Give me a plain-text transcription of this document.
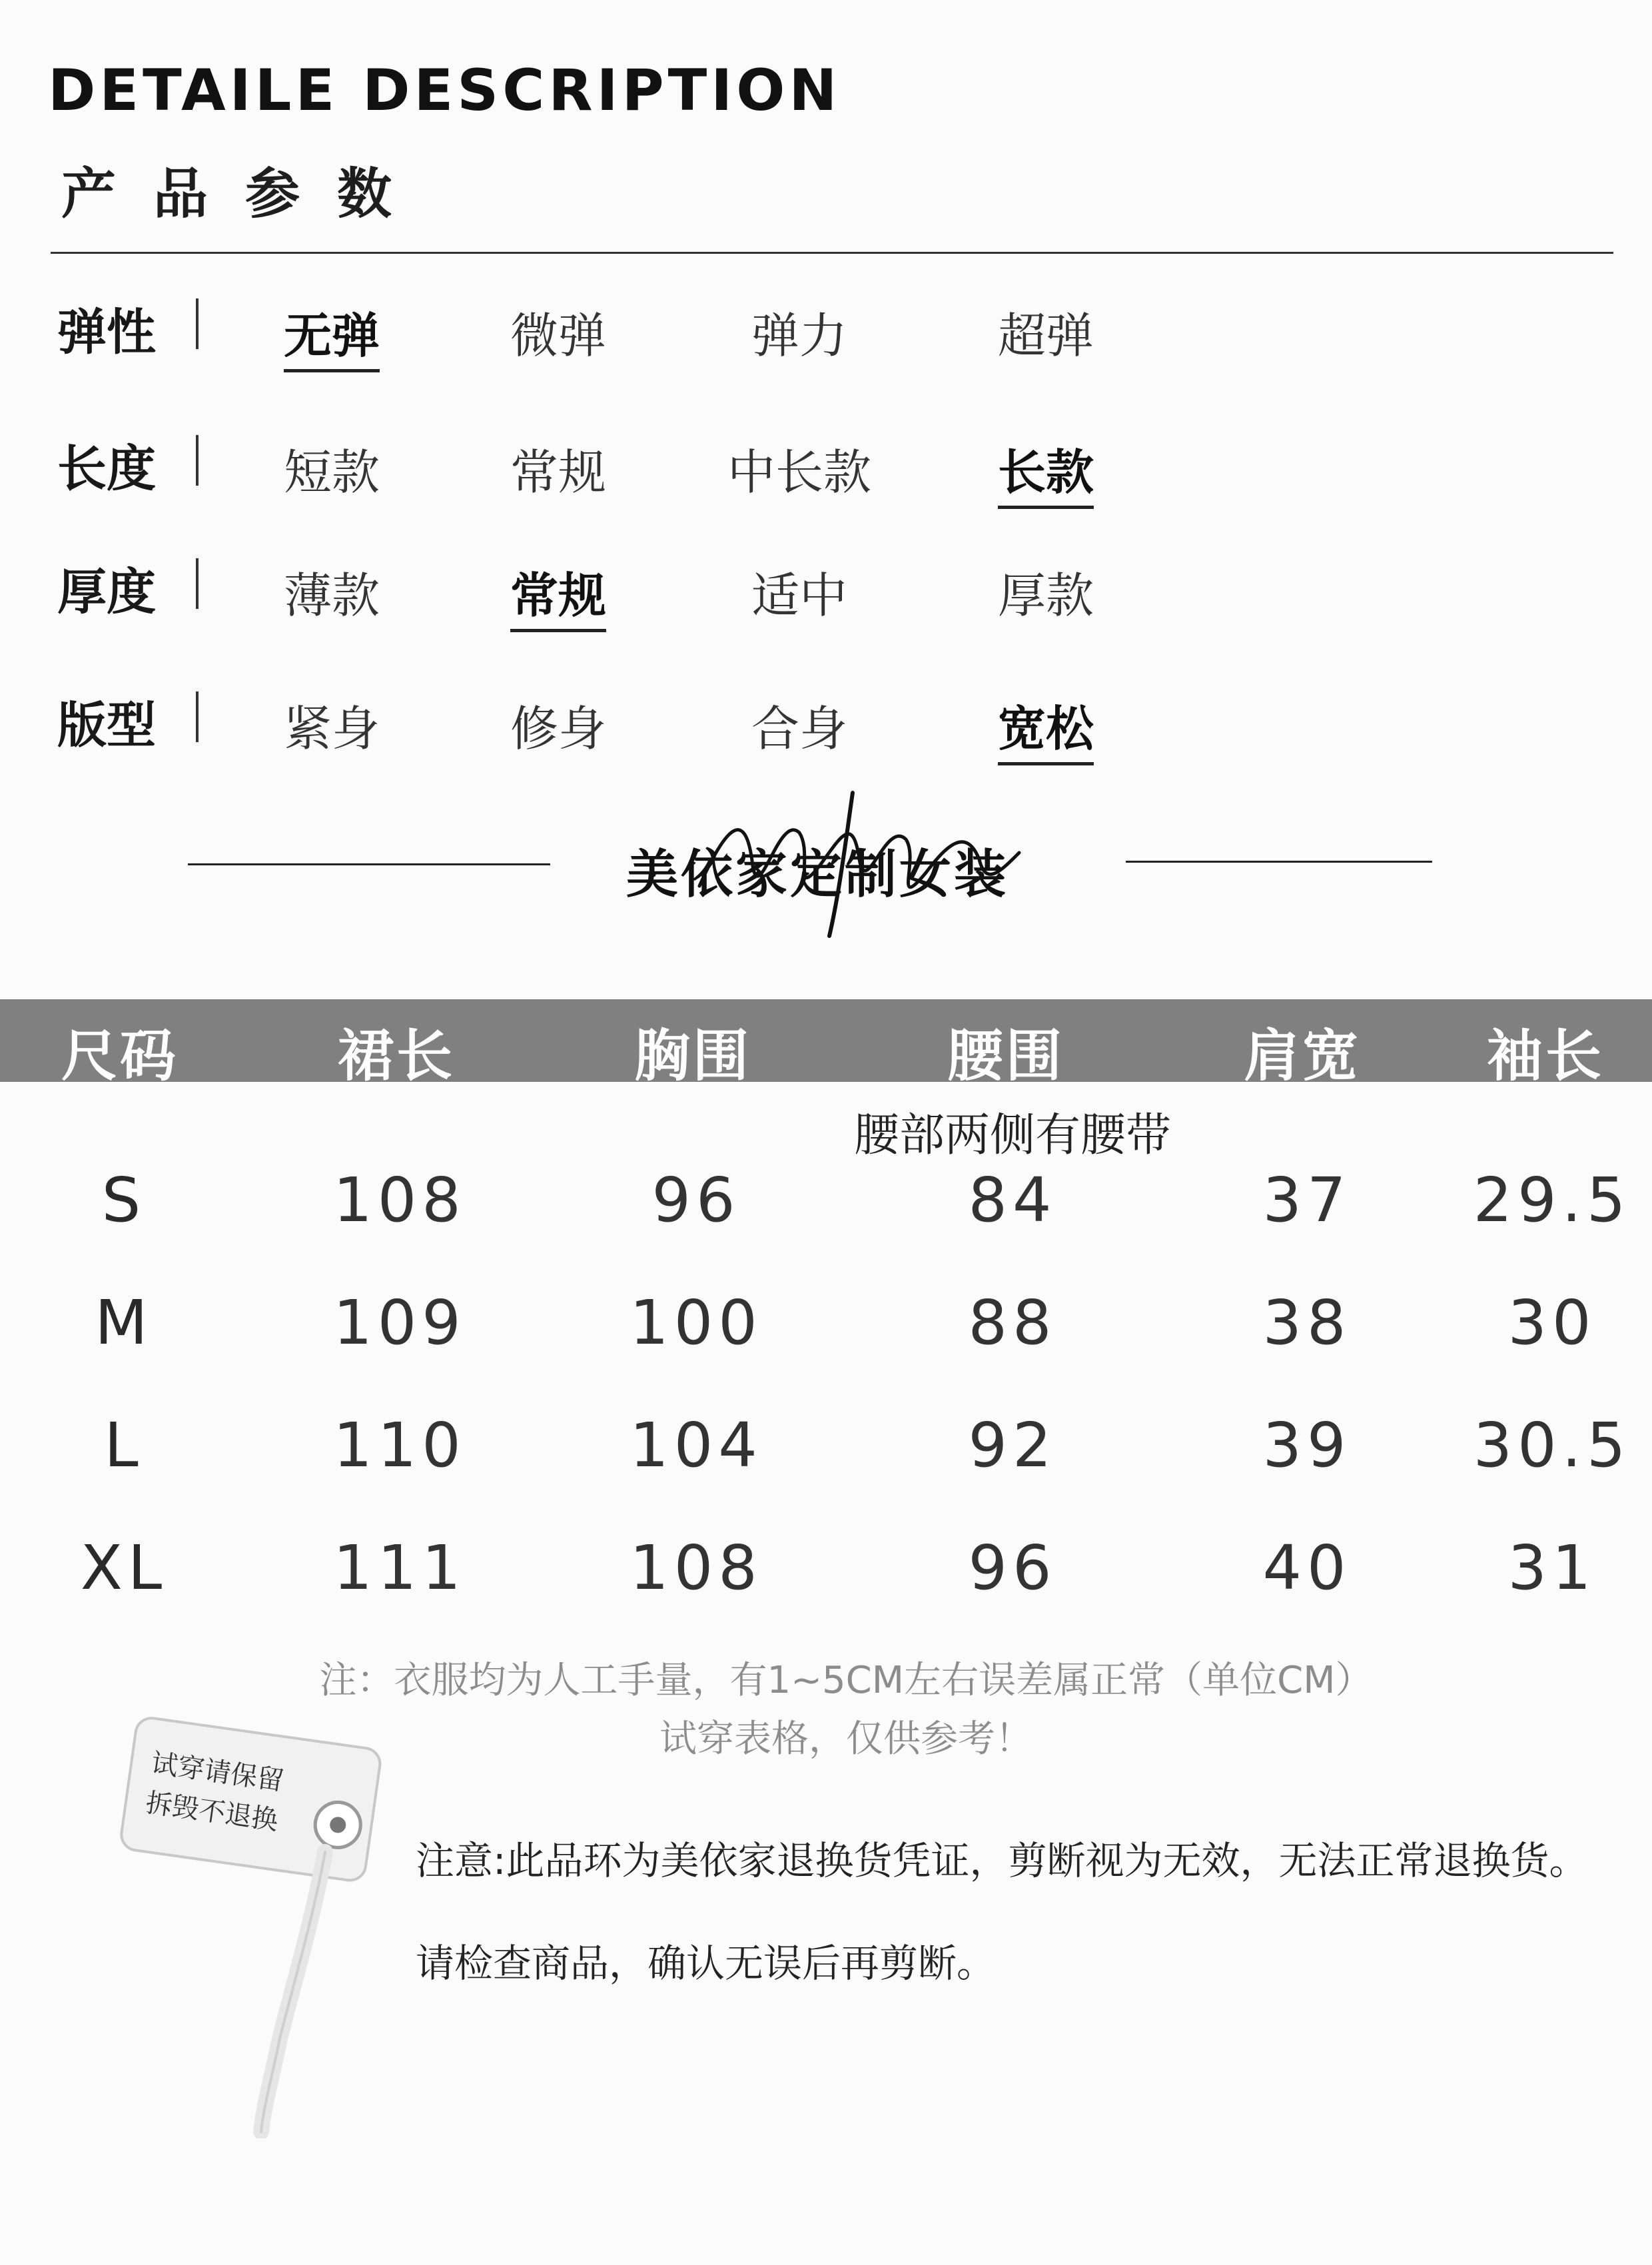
DETAILE DESCRIPTION
产品参数
弹性	无弹	微弹	弹力	超弹
长度	短款	常规	中长款	长款
厚度	薄款	常规	适中	厚款
版型	紧身	修身	合身	宽松
美依家定制女装
尺码	裙长	胸围	腰围	肩宽 袖长
腰部两侧有腰带
S	108	96	84	37 29.5
M	109	100	88	38	30
L	110	104	92	39 30.5
XL	111	108	96	40	31
注：衣服均为人工手量，有1~5CM左右误差属正常（单位CM）
试穿表格，仅供参考！
试穿请保留
拆毁不退换
注意:此品环为美依家退换货凭证，剪断视为无效，无法正常退换货。
请检查商品，确认无误后再剪断。
